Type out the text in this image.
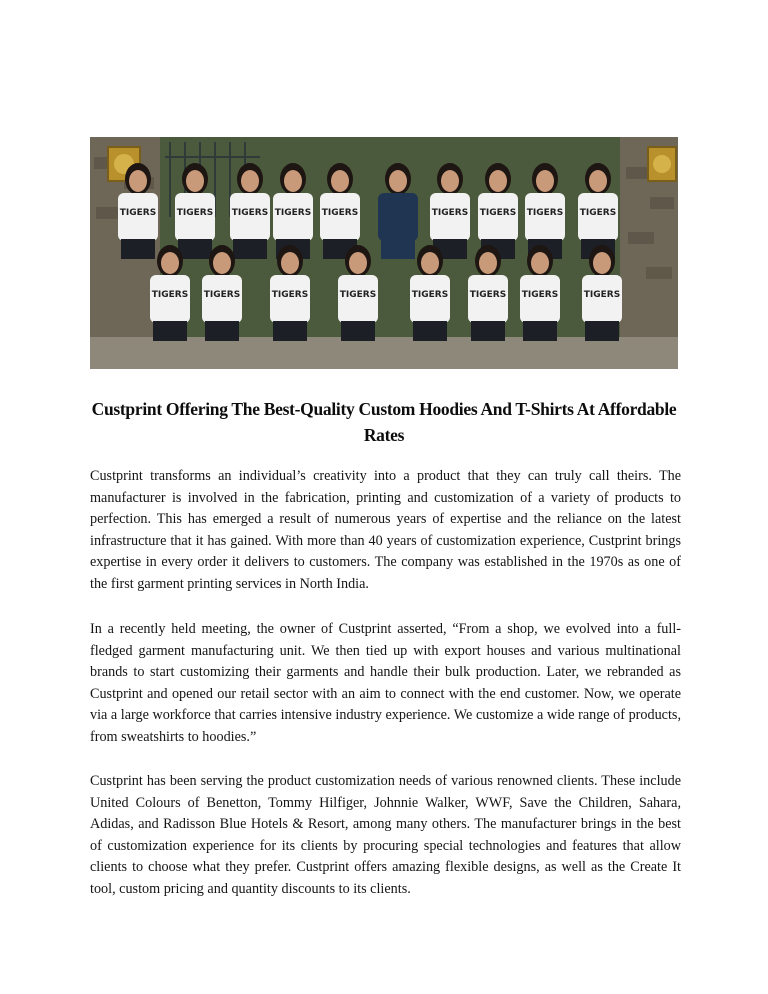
TIGERS TIGERS TIGERS TIGERS TIGERS	TIGERS TIGERS TIGERS TIGERS
TIGERS TIGERS	TIGERS	TIGERS	TIGERS TIGERS TIGERS	TIGERS
Custprint Offering The Best-Quality Custom Hoodies And T-Shirts At Affordable Rates

Custprint transforms an individual’s creativity into a product that they can truly call theirs. The manufacturer is involved in the fabrication, printing and customization of a variety of products to perfection. This has emerged a result of numerous years of expertise and the reliance on the latest infrastructure that it has gained. With more than 40 years of customization experience, Custprint brings expertise in every order it delivers to customers. The company was established in the 1970s as one of the first garment printing services in North India.

In a recently held meeting, the owner of Custprint asserted, “From a shop, we evolved into a full-fledged garment manufacturing unit. We then tied up with export houses and various multinational brands to start customizing their garments and handle their bulk production. Later, we rebranded as Custprint and opened our retail sector with an aim to connect with the end customer. Now, we operate via a large workforce that carries intensive industry experience. We customize a wide range of products, from sweatshirts to hoodies.”

Custprint has been serving the product customization needs of various renowned clients. These include United Colours of Benetton, Tommy Hilfiger, Johnnie Walker, WWF, Save the Children, Sahara, Adidas, and Radisson Blue Hotels & Resort, among many others. The manufacturer brings in the best of customization experience for its clients by procuring special technologies and features that allow clients to choose what they prefer. Custprint offers amazing flexible designs, as well as the Create It tool, custom pricing and quantity discounts to its clients.
